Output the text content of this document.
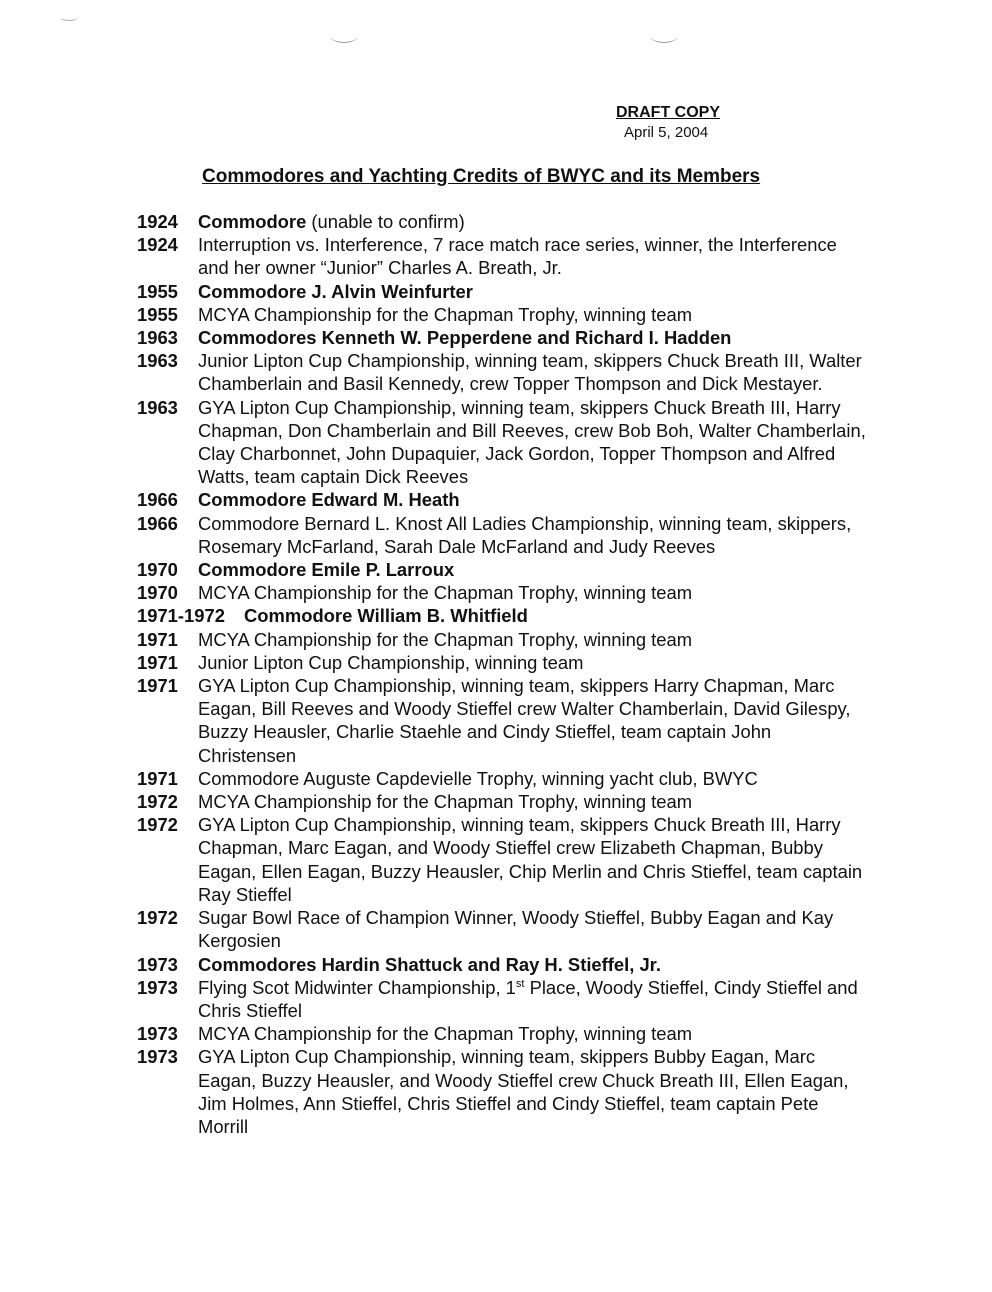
DRAFT COPY
April 5, 2004
Commodores and Yachting Credits of BWYC and its Members
1924	Commodore (unable to confirm)
1924	Interruption vs. Interference, 7 race match race series, winner, the Interference and her owner “Junior” Charles A. Breath, Jr.
1955	Commodore J. Alvin Weinfurter
1955	MCYA Championship for the Chapman Trophy, winning team
1963	Commodores Kenneth W. Pepperdene and Richard I. Hadden
1963	Junior Lipton Cup Championship, winning team, skippers Chuck Breath III, Walter Chamberlain and Basil Kennedy, crew Topper Thompson and Dick Mestayer.
1963	GYA Lipton Cup Championship, winning team, skippers Chuck Breath III, Harry Chapman, Don Chamberlain and Bill Reeves, crew Bob Boh, Walter Chamberlain, Clay Charbonnet, John Dupaquier, Jack Gordon, Topper Thompson and Alfred Watts, team captain Dick Reeves
1966	Commodore Edward M. Heath
1966	Commodore Bernard L. Knost All Ladies Championship, winning team, skippers, Rosemary McFarland, Sarah Dale McFarland and Judy Reeves
1970	Commodore Emile P. Larroux
1970	MCYA Championship for the Chapman Trophy, winning team
1971-1972	Commodore William B. Whitfield
1971	MCYA Championship for the Chapman Trophy, winning team
1971	Junior Lipton Cup Championship, winning team
1971	GYA Lipton Cup Championship, winning team, skippers Harry Chapman, Marc Eagan, Bill Reeves and Woody Stieffel crew Walter Chamberlain, David Gilespy, Buzzy Heausler, Charlie Staehle and Cindy Stieffel, team captain John Christensen
1971	Commodore Auguste Capdevielle Trophy, winning yacht club, BWYC
1972	MCYA Championship for the Chapman Trophy, winning team
1972	GYA Lipton Cup Championship, winning team, skippers Chuck Breath III, Harry Chapman, Marc Eagan, and Woody Stieffel crew Elizabeth Chapman, Bubby Eagan, Ellen Eagan, Buzzy Heausler, Chip Merlin and Chris Stieffel, team captain Ray Stieffel
1972	Sugar Bowl Race of Champion Winner, Woody Stieffel, Bubby Eagan and Kay Kergosien
1973	Commodores Hardin Shattuck and Ray H. Stieffel, Jr.
1973	Flying Scot Midwinter Championship, 1st Place, Woody Stieffel, Cindy Stieffel and Chris Stieffel
1973	MCYA Championship for the Chapman Trophy, winning team
1973	GYA Lipton Cup Championship, winning team, skippers Bubby Eagan, Marc Eagan, Buzzy Heausler, and Woody Stieffel crew Chuck Breath III, Ellen Eagan, Jim Holmes, Ann Stieffel, Chris Stieffel and Cindy Stieffel, team captain Pete Morrill
